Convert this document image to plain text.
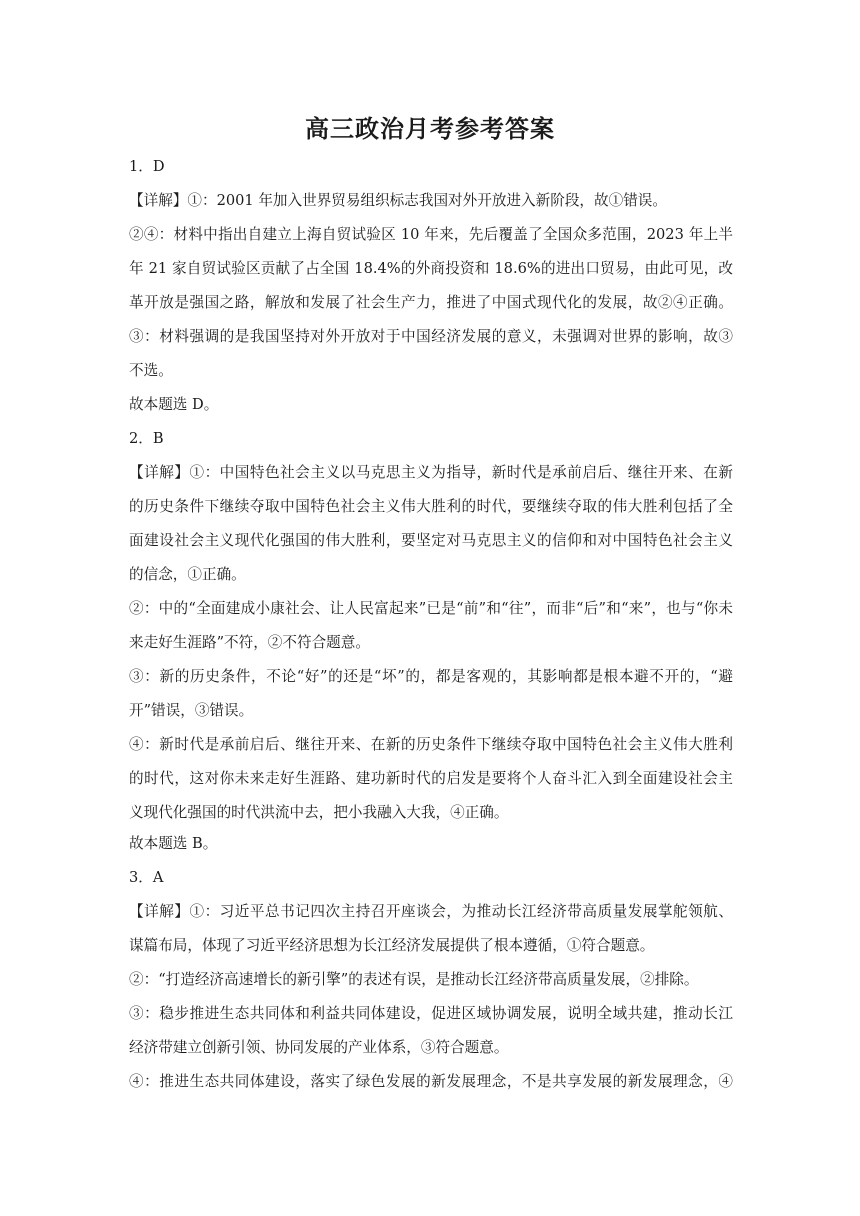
高三政治月考参考答案
1．D
【详解】①：2001 年加入世界贸易组织标志我国对外开放进入新阶段，故①错误。
②④：材料中指出自建立上海自贸试验区 10 年来，先后覆盖了全国众多范围，2023 年上半
年 21 家自贸试验区贡献了占全国 18.4%的外商投资和 18.6%的进出口贸易，由此可见，改
革开放是强国之路，解放和发展了社会生产力，推进了中国式现代化的发展，故②④正确。
③：材料强调的是我国坚持对外开放对于中国经济发展的意义，未强调对世界的影响，故③
不选。
故本题选 D。
2．B
【详解】①：中国特色社会主义以马克思主义为指导，新时代是承前启后、继往开来、在新
的历史条件下继续夺取中国特色社会主义伟大胜利的时代，要继续夺取的伟大胜利包括了全
面建设社会主义现代化强国的伟大胜利，要坚定对马克思主义的信仰和对中国特色社会主义
的信念，①正确。
②：中的“全面建成小康社会、让人民富起来”已是“前”和“往”，而非“后”和“来”，也与“你未
来走好生涯路”不符，②不符合题意。
③：新的历史条件，不论“好”的还是“坏”的，都是客观的，其影响都是根本避不开的，“避
开”错误，③错误。
④：新时代是承前启后、继往开来、在新的历史条件下继续夺取中国特色社会主义伟大胜利
的时代，这对你未来走好生涯路、建功新时代的启发是要将个人奋斗汇入到全面建设社会主
义现代化强国的时代洪流中去，把小我融入大我，④正确。
故本题选 B。
3．A
【详解】①：习近平总书记四次主持召开座谈会，为推动长江经济带高质量发展掌舵领航、
谋篇布局，体现了习近平经济思想为长江经济发展提供了根本遵循，①符合题意。
②：“打造经济高速增长的新引擎”的表述有误，是推动长江经济带高质量发展，②排除。
③：稳步推进生态共同体和利益共同体建设，促进区域协调发展，说明全域共建，推动长江
经济带建立创新引领、协同发展的产业体系，③符合题意。
④：推进生态共同体建设，落实了绿色发展的新发展理念，不是共享发展的新发展理念，④
